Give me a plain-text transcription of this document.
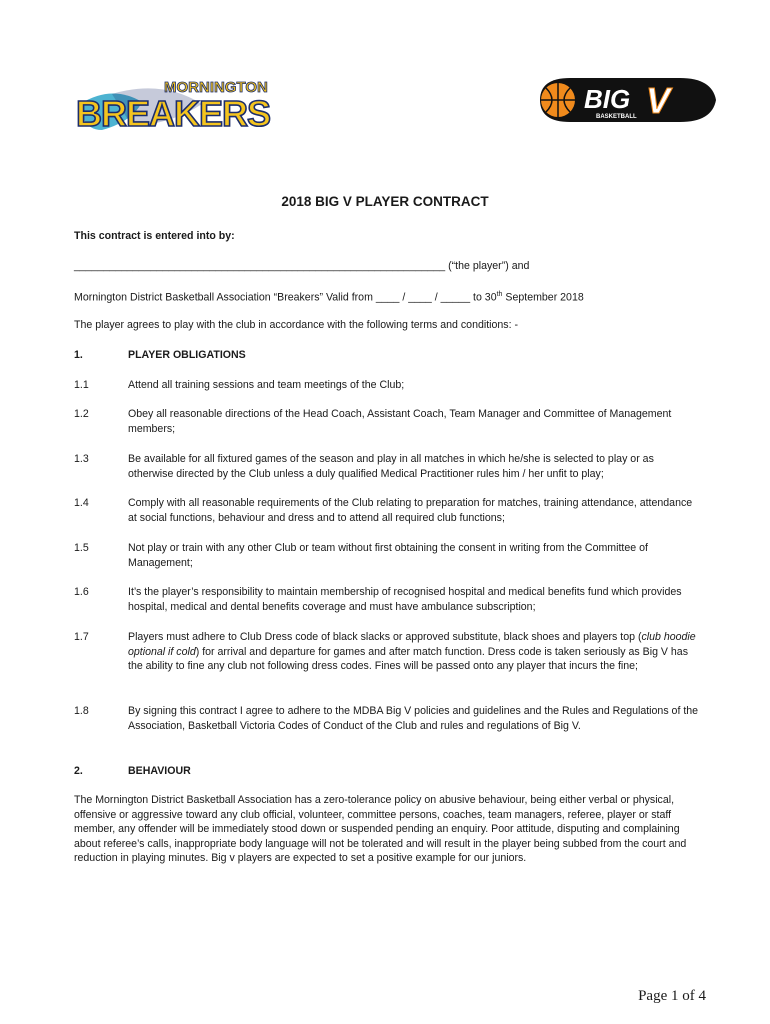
MORNINGTON
BREAKERS	BIG V
BASKETBALL
2018 BIG V PLAYER CONTRACT
This contract is entered into by:
_______________________________________________________________ (“the player”) and
Mornington District Basketball Association “Breakers” Valid from ____ / ____ / _____ to 30th September 2018
The player agrees to play with the club in accordance with the following terms and conditions: -
1.	PLAYER OBLIGATIONS
1.1	Attend all training sessions and team meetings of the Club;
1.2	Obey all reasonable directions of the Head Coach, Assistant Coach, Team Manager and Committee of Management members;
1.3	Be available for all fixtured games of the season and play in all matches in which he/she is selected to play or as otherwise directed by the Club unless a duly qualified Medical Practitioner rules him / her unfit to play;
1.4	Comply with all reasonable requirements of the Club relating to preparation for matches, training attendance, attendance at social functions, behaviour and dress and to attend all required club functions;
1.5	Not play or train with any other Club or team without first obtaining the consent in writing from the Committee of Management;
1.6	It’s the player’s responsibility to maintain membership of recognised hospital and medical benefits fund which provides hospital, medical and dental benefits coverage and must have ambulance subscription;
1.7	Players must adhere to Club Dress code of black slacks or approved substitute, black shoes and players top (club hoodie optional if cold) for arrival and departure for games and after match function. Dress code is taken seriously as Big V has the ability to fine any club not following dress codes. Fines will be passed onto any player that incurs the fine;
1.8	By signing this contract I agree to adhere to the MDBA Big V policies and guidelines and the Rules and Regulations of the Association, Basketball Victoria Codes of Conduct of the Club and rules and regulations of Big V.
2.	BEHAVIOUR
The Mornington District Basketball Association has a zero-tolerance policy on abusive behaviour, being either verbal or physical, offensive or aggressive toward any club official, volunteer, committee persons, coaches, team managers, referee, player or staff member, any offender will be immediately stood down or suspended pending an enquiry. Poor attitude, disputing and complaining about referee’s calls, inappropriate body language will not be tolerated and will result in the player being subbed from the court and reduction in playing minutes. Big v players are expected to set a positive example for our juniors.
Page 1 of 4
